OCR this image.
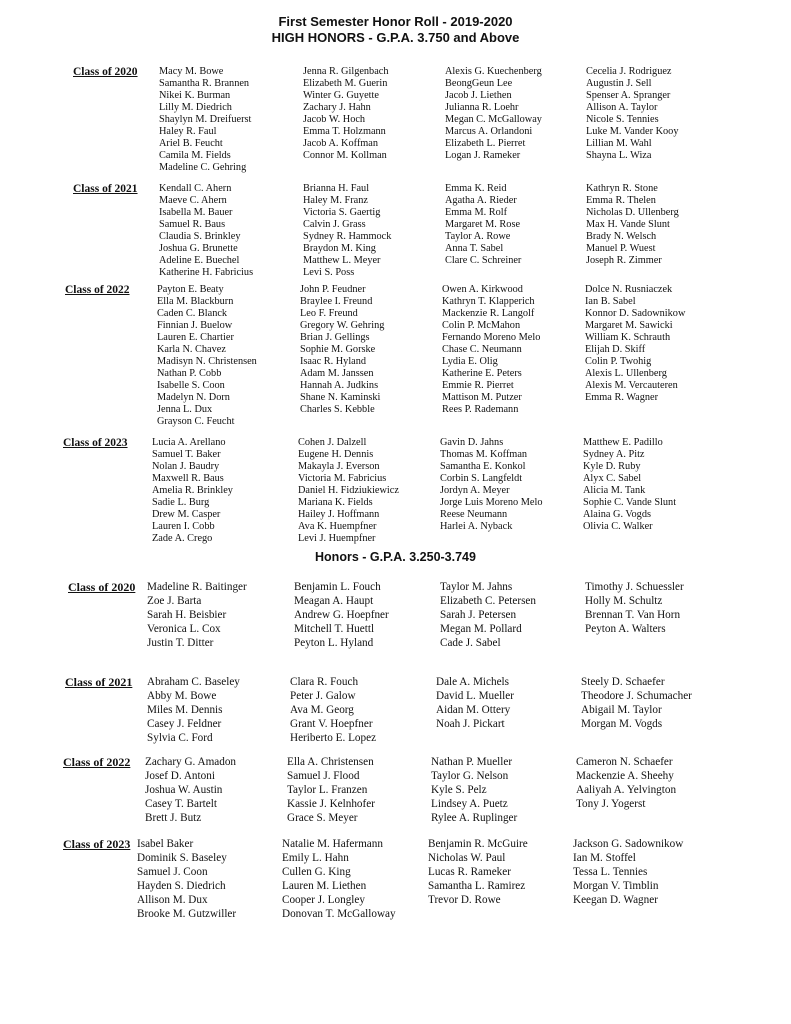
First Semester Honor Roll - 2019-2020
HIGH HONORS - G.P.A. 3.750 and Above
Honors - G.P.A. 3.250-3.749
Class of 2020 Macy M. Bowe
Samantha R. Brannen
Nikei K. Burman
Lilly M. Diedrich
Shaylyn M. Dreifuerst
Haley R. Faul
Ariel B. Feucht
Camila M. Fields
Madeline C. Gehring
Jenna R. Gilgenbach
Elizabeth M. Guerin
Winter G. Guyette
Zachary J. Hahn
Jacob W. Hoch
Emma T. Holzmann
Jacob A. Koffman
Connor M. Kollman
Alexis G. Kuechenberg
BeongGeun Lee
Jacob J. Liethen
Julianna R. Loehr
Megan C. McGalloway
Marcus A. Orlandoni
Elizabeth L. Pierret
Logan J. Rameker
Cecelia J. Rodriguez
Augustin J. Sell
Spenser A. Spranger
Allison A. Taylor
Nicole S. Tennies
Luke M. Vander Kooy
Lillian M. Wahl
Shayna L. Wiza
Class of 2021 Kendall C. Ahern
Maeve C. Ahern
Isabella M. Bauer
Samuel R. Baus
Claudia S. Brinkley
Joshua G. Brunette
Adeline E. Buechel
Katherine H. Fabricius
Brianna H. Faul
Haley M. Franz
Victoria S. Gaertig
Calvin J. Grass
Sydney R. Hammock
Braydon M. King
Matthew L. Meyer
Levi S. Poss
Emma K. Reid
Agatha A. Rieder
Emma M. Rolf
Margaret M. Rose
Taylor A. Rowe
Anna T. Sabel
Clare C. Schreiner
Kathryn R. Stone
Emma R. Thelen
Nicholas D. Ullenberg
Max H. Vande Slunt
Brady N. Welsch
Manuel P. Wuest
Joseph R. Zimmer
Class of 2022	Payton E. Beaty
Ella M. Blackburn
Caden C. Blanck
Finnian J. Buelow
Lauren E. Chartier
Karla N. Chavez
Madisyn N. Christensen
Nathan P. Cobb
Isabelle S. Coon
Madelyn N. Dorn
Jenna L. Dux
Grayson C. Feucht
John P. Feudner
Braylee I. Freund
Leo F. Freund
Gregory W. Gehring
Brian J. Gellings
Sophie M. Gorske
Isaac R. Hyland
Adam M. Janssen
Hannah A. Judkins
Shane N. Kaminski
Charles S. Kebble
Owen A. Kirkwood
Kathryn T. Klapperich
Mackenzie R. Langolf
Colin P. McMahon
Fernando Moreno Melo
Chase C. Neumann
Lydia E. Olig
Katherine E. Peters
Emmie R. Pierret
Mattison M. Putzer
Rees P. Rademann
Dolce N. Rusniaczek
Ian B. Sabel
Konnor D. Sadownikow
Margaret M. Sawicki
William K. Schrauth
Elijah D. Skiff
Colin P. Twohig
Alexis L. Ullenberg
Alexis M. Vercauteren
Emma R. Wagner
Class of 2023 Lucia A. Arellano
Samuel T. Baker
Nolan J. Baudry
Maxwell R. Baus
Amelia R. Brinkley
Sadie L. Burg
Drew M. Casper
Lauren I. Cobb
Zade A. Crego
Cohen J. Dalzell
Eugene H. Dennis
Makayla J. Everson
Victoria M. Fabricius
Daniel H. Fidziukiewicz
Mariana K. Fields
Hailey J. Hoffmann
Ava K. Huempfner
Levi J. Huempfner
Gavin D. Jahns
Thomas M. Koffman
Samantha E. Konkol
Corbin S. Langfeldt
Jordyn A. Meyer
Jorge Luis Moreno Melo
Reese Neumann
Harlei A. Nyback
Matthew E. Padillo
Sydney A. Pitz
Kyle D. Ruby
Alyx C. Sabel
Alicia M. Tank
Sophie C. Vande Slunt
Alaina G. Vogds
Olivia C. Walker
Class of 2020 Madeline R. Baitinger
Zoe J. Barta
Sarah H. Beisbier
Veronica L. Cox
Justin T. Ditter
Benjamin L. Fouch
Meagan A. Haupt
Andrew G. Hoepfner
Mitchell T. Huettl
Peyton L. Hyland
Taylor M. Jahns
Elizabeth C. Petersen
Sarah J. Petersen
Megan M. Pollard
Cade J. Sabel
Timothy J. Schuessler
Holly M. Schultz
Brennan T. Van Horn
Peyton A. Walters
Class of 2021 Abraham C. Baseley
Abby M. Bowe
Miles M. Dennis
Casey J. Feldner
Sylvia C. Ford
Clara R. Fouch
Peter J. Galow
Ava M. Georg
Grant V. Hoepfner
Heriberto E. Lopez
Dale A. Michels
David L. Mueller
Aidan M. Ottery
Noah J. Pickart
Steely D. Schaefer
Theodore J. Schumacher
Abigail M. Taylor
Morgan M. Vogds
Class of 2022 Zachary G. Amadon
Josef D. Antoni
Joshua W. Austin
Casey T. Bartelt
Brett J. Butz
Ella A. Christensen
Samuel J. Flood
Taylor L. Franzen
Kassie J. Kelnhofer
Grace S. Meyer
Nathan P. Mueller
Taylor G. Nelson
Kyle S. Pelz
Lindsey A. Puetz
Rylee A. Ruplinger
Cameron N. Schaefer
Mackenzie A. Sheehy
Aaliyah A. Yelvington
Tony J. Yogerst
Class of 2023 Isabel Baker
Dominik S. Baseley
Samuel J. Coon
Hayden S. Diedrich
Allison M. Dux
Brooke M. Gutzwiller
Natalie M. Hafermann
Emily L. Hahn
Cullen G. King
Lauren M. Liethen
Cooper J. Longley
Donovan T. McGalloway
Benjamin R. McGuire
Nicholas W. Paul
Lucas R. Rameker
Samantha L. Ramirez
Trevor D. Rowe
Jackson G. Sadownikow
Ian M. Stoffel
Tessa L. Tennies
Morgan V. Timblin
Keegan D. Wagner
